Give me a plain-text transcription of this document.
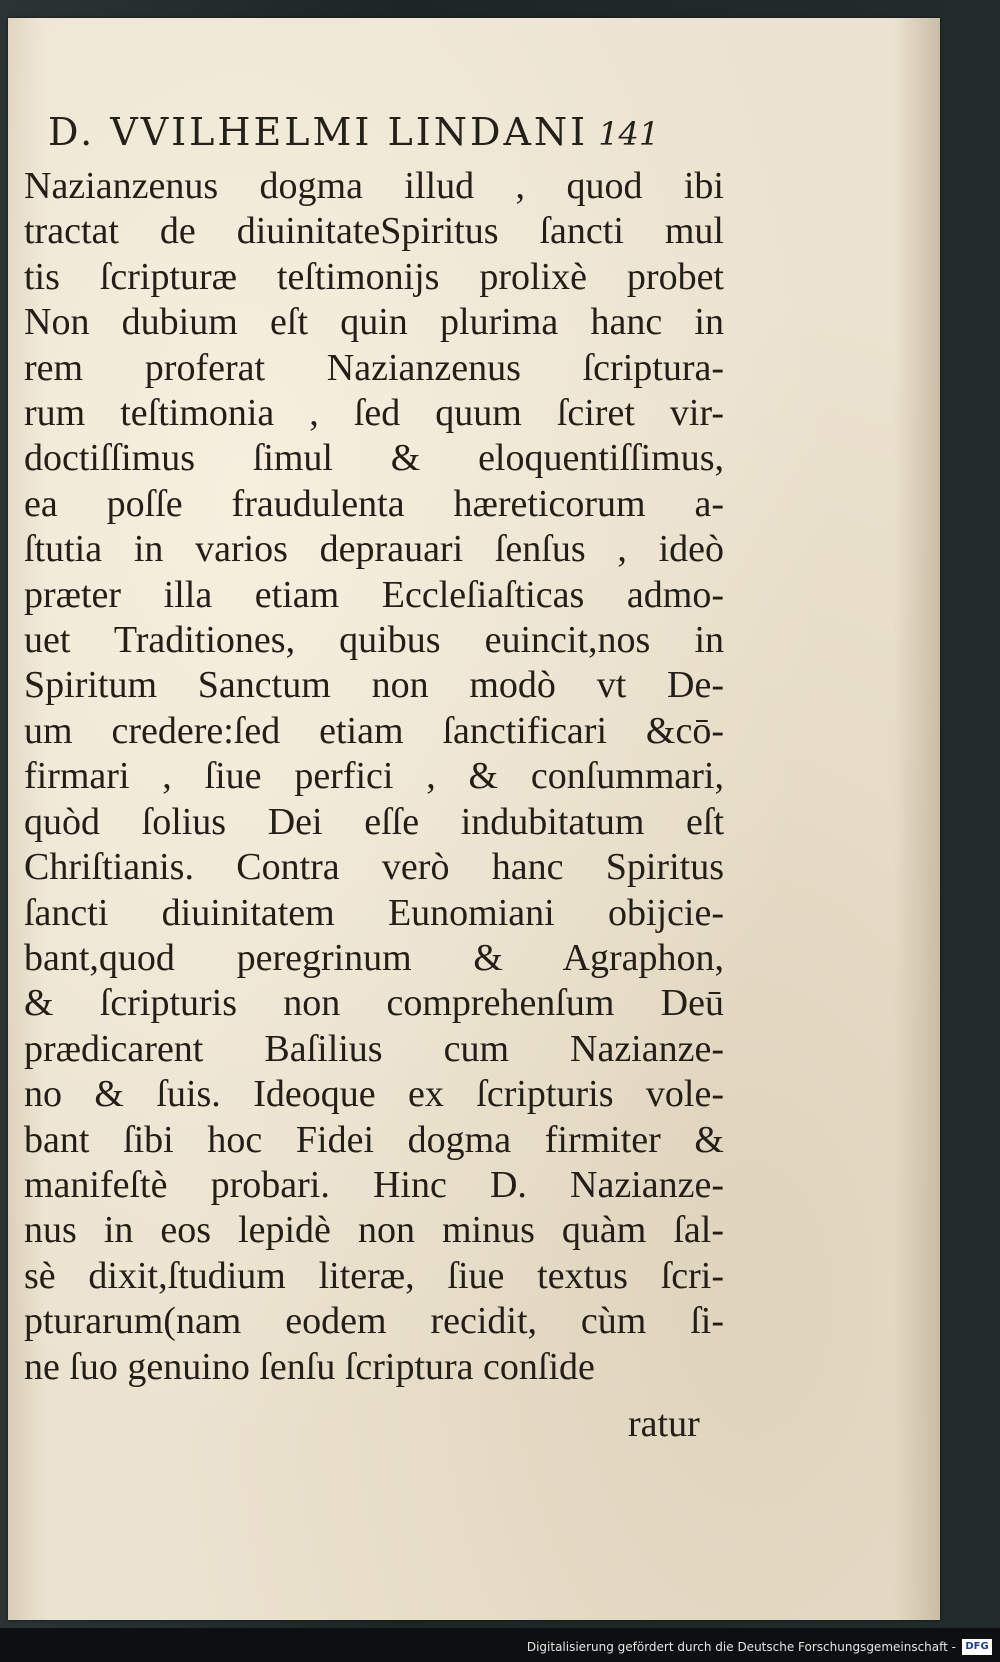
D. VVILHELMI LINDANI 141
Nazianzenus dogma illud , quod ibi
tractat de diuinitateSpiritus ſancti mul
tis ſcripturæ teſtimonijs prolixè probet
Non dubium eſt quin plurima hanc in
rem proferat Nazianzenus ſcriptura-
rum teſtimonia , ſed quum ſciret vir-
doctiſſimus ſimul & eloquentiſſimus,
ea poſſe fraudulenta hæreticorum a-
ſtutia in varios deprauari ſenſus , ideò
præter illa etiam Eccleſiaſticas admo-
uet Traditiones, quibus euincit,nos in
Spiritum Sanctum non modò vt De-
um credere:ſed etiam ſanctificari &cō-
firmari , ſiue perfici , & conſummari,
quòd ſolius Dei eſſe indubitatum eſt
Chriſtianis. Contra verò hanc Spiritus
ſancti diuinitatem Eunomiani obijcie-
bant,quod peregrinum & Agraphon,
& ſcripturis non comprehenſum Deū
prædicarent Baſilius cum Nazianze-
no & ſuis. Ideoque ex ſcripturis vole-
bant ſibi hoc Fidei dogma firmiter &
manifeſtè probari. Hinc D. Nazianze-
nus in eos lepidè non minus quàm ſal-
sè dixit,ſtudium literæ, ſiue textus ſcri-
pturarum(nam eodem recidit, cùm ſi-
ne ſuo genuino ſenſu ſcriptura conſide
ratur
Digitalisierung gefördert durch die Deutsche Forschungsgemeinschaft - DFG
